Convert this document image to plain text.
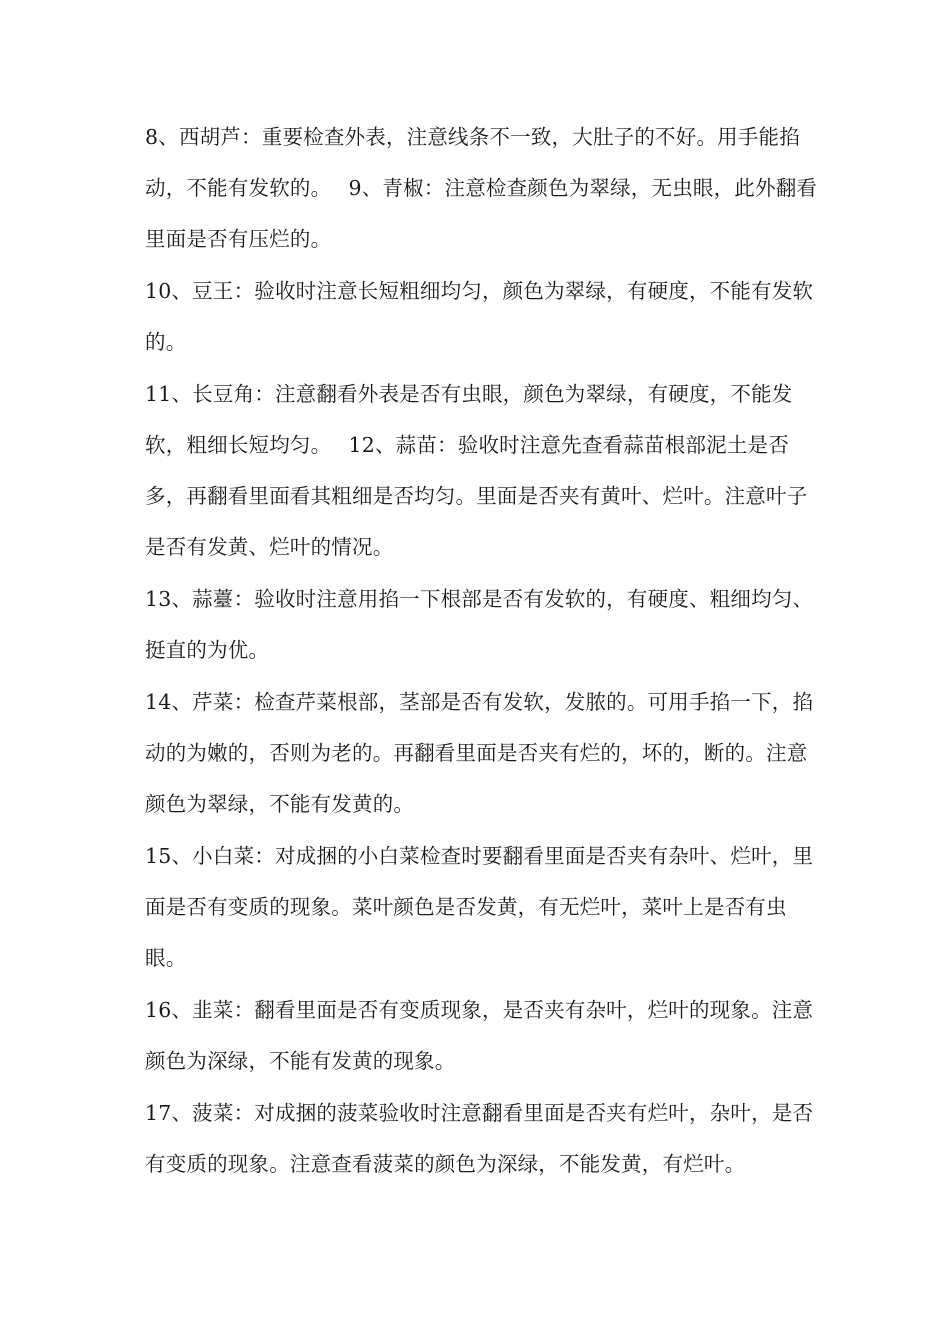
8、西胡芦：重要检查外表，注意线条不一致，大肚子的不好。用手能掐动，不能有发软的。　 9、青椒：注意检查颜色为翠绿，无虫眼，此外翻看里面是否有压烂的。

10、豆王：验收时注意长短粗细均匀，颜色为翠绿，有硬度，不能有发软的。

11、长豆角：注意翻看外表是否有虫眼，颜色为翠绿，有硬度，不能发软，粗细长短均匀。　 12、蒜苗：验收时注意先查看蒜苗根部泥土是否多，再翻看里面看其粗细是否均匀。里面是否夹有黄叶、烂叶。注意叶子是否有发黄、烂叶的情况。

13、蒜薹：验收时注意用掐一下根部是否有发软的，有硬度、粗细均匀、挺直的为优。

14、芹菜：检查芹菜根部，茎部是否有发软，发脓的。可用手掐一下，掐动的为嫩的，否则为老的。再翻看里面是否夹有烂的，坏的，断的。注意颜色为翠绿，不能有发黄的。

15、小白菜：对成捆的小白菜检查时要翻看里面是否夹有杂叶、烂叶，里面是否有变质的现象。菜叶颜色是否发黄，有无烂叶，菜叶上是否有虫眼。

16、韭菜：翻看里面是否有变质现象，是否夹有杂叶，烂叶的现象。注意颜色为深绿，不能有发黄的现象。

17、菠菜：对成捆的菠菜验收时注意翻看里面是否夹有烂叶，杂叶，是否有变质的现象。注意查看菠菜的颜色为深绿，不能发黄，有烂叶。
